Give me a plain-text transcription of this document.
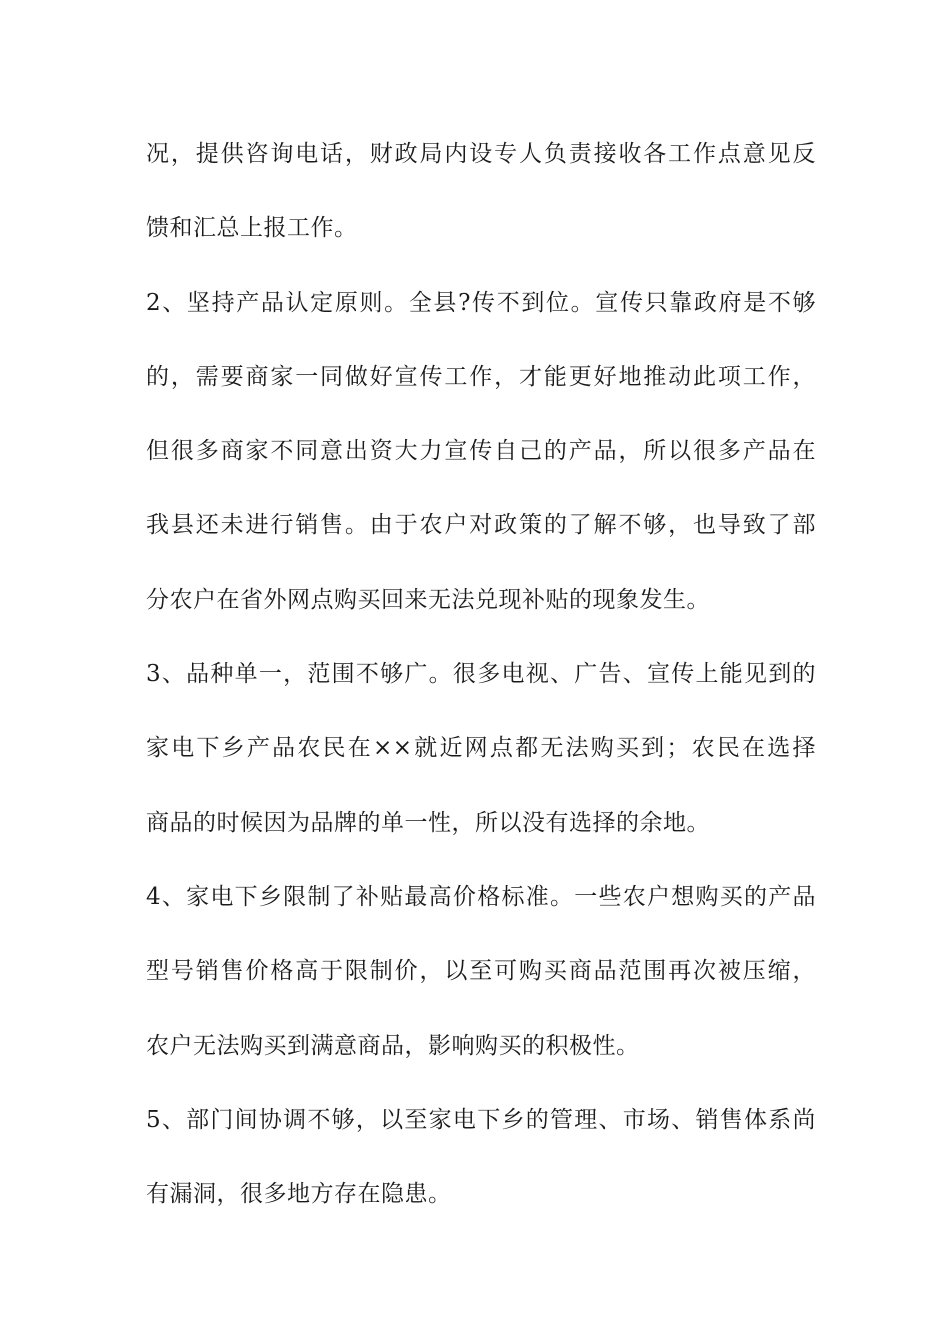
况，提供咨询电话，财政局内设专人负责接收各工作点意见反
馈和汇总上报工作。
2、坚持产品认定原则。全县?传不到位。宣传只靠政府是不够
的，需要商家一同做好宣传工作，才能更好地推动此项工作，
但很多商家不同意出资大力宣传自己的产品，所以很多产品在
我县还未进行销售。由于农户对政策的了解不够，也导致了部
分农户在省外网点购买回来无法兑现补贴的现象发生。
3、品种单一，范围不够广。很多电视、广告、宣传上能见到的
家电下乡产品农民在××就近网点都无法购买到；农民在选择
商品的时候因为品牌的单一性，所以没有选择的余地。
4、家电下乡限制了补贴最高价格标准。一些农户想购买的产品
型号销售价格高于限制价，以至可购买商品范围再次被压缩，
农户无法购买到满意商品，影响购买的积极性。
5、部门间协调不够，以至家电下乡的管理、市场、销售体系尚
有漏洞，很多地方存在隐患。
